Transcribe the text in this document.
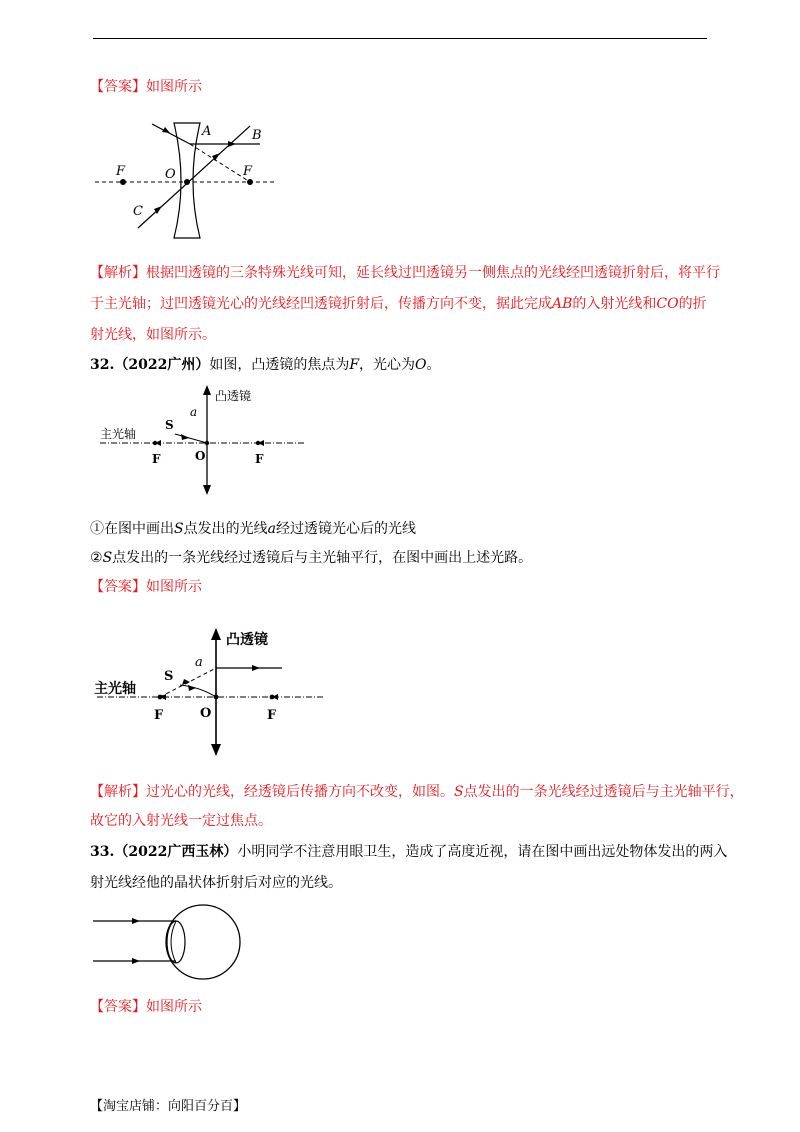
【答案】如图所示
A	B
F	O	F
C
【解析】根据凹透镜的三条特殊光线可知，延长线过凹透镜另一侧焦点的光线经凹透镜折射后，将平行
于主光轴；过凹透镜光心的光线经凹透镜折射后，传播方向不变，据此完成AB的入射光线和CO的折
射光线，如图所示。
32.（2022广州）如图，凸透镜的焦点为F，光心为O。
凸透镜
主光轴
a
S
F	O	F
①在图中画出S点发出的光线a经过透镜光心后的光线
②S点发出的一条光线经过透镜后与主光轴平行，在图中画出上述光路。
【答案】如图所示
凸透镜
主光轴
a
S
F	O	F
【解析】过光心的光线，经透镜后传播方向不改变，如图。S点发出的一条光线经过透镜后与主光轴平行，
故它的入射光线一定过焦点。
33.（2022广西玉林）小明同学不注意用眼卫生，造成了高度近视，请在图中画出远处物体发出的两入
射光线经他的晶状体折射后对应的光线。
【答案】如图所示
【淘宝店铺：向阳百分百】
